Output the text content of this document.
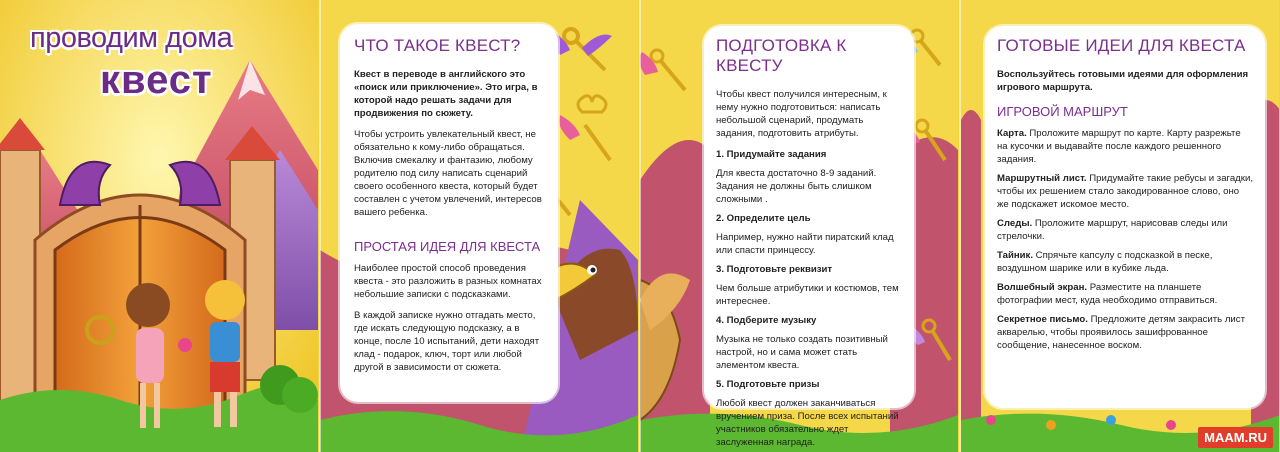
проводим дома
квест
ЧТО ТАКОЕ КВЕСТ?

Квест в переводе в английского это «поиск или приключение». Это игра, в которой надо решать задачи для продвижения по сюжету.

Чтобы устроить увлекательный квест, не обязательно к кому-либо обращаться. Включив смекалку и фантазию, любому родителю под силу написать сценарий своего особенного квеста, который будет составлен с учетом увлечений, интересов вашего ребенка.

ПРОСТАЯ ИДЕЯ ДЛЯ КВЕСТА

Наиболее простой способ проведения квеста - это разложить в разных комнатах небольшие записки с подсказками.

В каждой записке нужно отгадать место, где искать следующую подсказку, а в конце, после 10 испытаний, дети находят клад - подарок, ключ, торт или любой другой в зависимости от сюжета.

ПОДГОТОВКА К КВЕСТУ

Чтобы квест получился интересным, к нему нужно подготовиться: написать небольшой сценарий, продумать задания, подготовить атрибуты.

1. Придумайте задания

Для квеста достаточно 8-9 заданий. Задания не должны быть слишком сложными .

2. Определите цель

Например, нужно найти пиратский клад или спасти принцессу.

3. Подготовьте реквизит

Чем больше атрибутики и костюмов, тем интереснее.

4. Подберите музыку

Музыка не только создать позитивный настрой, но и сама может стать элементом квеста.

5. Подготовьте призы

Любой квест должен заканчиваться вручением приза. После всех испытаний участников обязательно ждет заслуженная награда.

ГОТОВЫЕ ИДЕИ ДЛЯ КВЕСТА

Воспользуйтесь готовыми идеями для оформления игрового маршрута.

ИГРОВОЙ МАРШРУТ

Карта. Проложите маршрут по карте. Карту разрежьте на кусочки и выдавайте после каждого решенного задания.

Маршрутный лист. Придумайте такие ребусы и загадки, чтобы их решением стало закодированное слово, оно же подскажет искомое место.

Следы. Проложите маршрут, нарисовав следы или стрелочки.

Тайник. Спрячьте капсулу с подсказкой в песке, воздушном шарике или в кубике льда.

Волшебный экран. Разместите на планшете фотографии мест, куда необходимо отправиться.

Секретное письмо. Предложите детям закрасить лист акварелью, чтобы проявилось зашифрованное сообщение, нанесенное воском.

MAAM.RU
